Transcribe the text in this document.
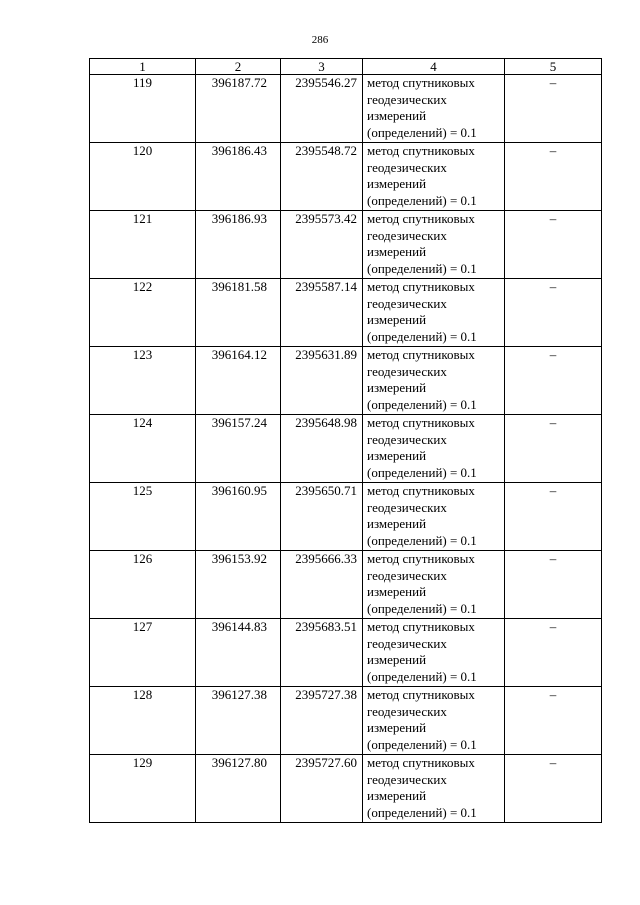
286
1	2	3	4	5
119	396187.72	2395546.27	метод спутниковых
геодезических
измерений
(определений) = 0.1	–
120	396186.43	2395548.72	метод спутниковых
геодезических
измерений
(определений) = 0.1	–
121	396186.93	2395573.42	метод спутниковых
геодезических
измерений
(определений) = 0.1	–
122	396181.58	2395587.14	метод спутниковых
геодезических
измерений
(определений) = 0.1	–
123	396164.12	2395631.89	метод спутниковых
геодезических
измерений
(определений) = 0.1	–
124	396157.24	2395648.98	метод спутниковых
геодезических
измерений
(определений) = 0.1	–
125	396160.95	2395650.71	метод спутниковых
геодезических
измерений
(определений) = 0.1	–
126	396153.92	2395666.33	метод спутниковых
геодезических
измерений
(определений) = 0.1	–
127	396144.83	2395683.51	метод спутниковых
геодезических
измерений
(определений) = 0.1	–
128	396127.38	2395727.38	метод спутниковых
геодезических
измерений
(определений) = 0.1	–
129	396127.80	2395727.60	метод спутниковых
геодезических
измерений
(определений) = 0.1	–
